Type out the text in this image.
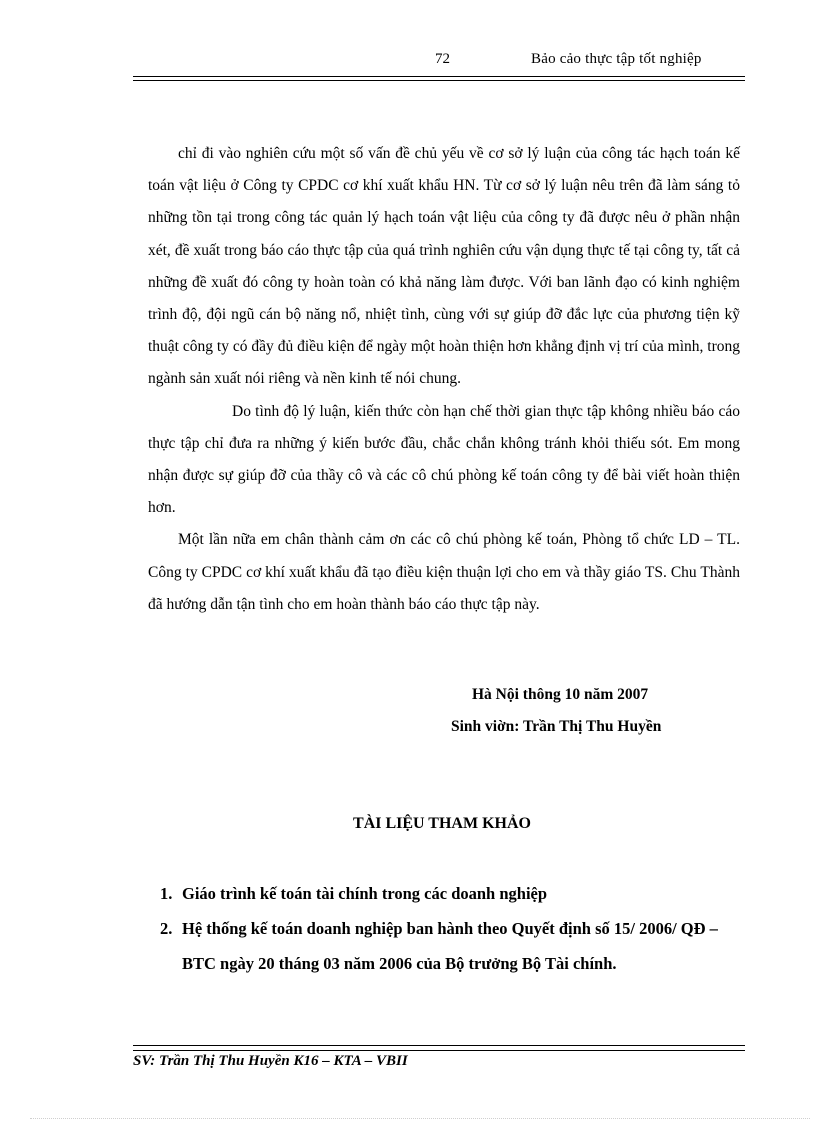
72	Bảo cảo thực tập tốt nghiệp

chỉ đi vào nghiên cứu một số vấn đề chủ yếu về cơ sở lý luận của công tác hạch toán kế toán vật liệu ở Công ty CPDC cơ khí xuất khẩu HN. Từ cơ sở lý luận nêu trên đã làm sáng tỏ những tồn tại trong công tác quản lý hạch toán vật liệu của công ty đã được nêu ở phần nhận xét, đề xuất trong báo cáo thực tập của quá trình nghiên cứu vận dụng thực tế tại công ty, tất cả những đề xuất đó công ty hoàn toàn có khả năng làm được. Với ban lãnh đạo có kinh nghiệm trình độ, đội ngũ cán bộ năng nổ, nhiệt tình, cùng với sự giúp đỡ đắc lực của phương tiện kỹ thuật công ty có đầy đủ điều kiện để ngày một hoàn thiện hơn khẳng định vị trí của mình, trong ngành sản xuất nói riêng và nền kinh tế nói chung.

Do tình độ lý luận, kiến thức còn hạn chế thời gian thực tập không nhiều báo cáo thực tập chỉ đưa ra những ý kiến bước đầu, chắc chắn không tránh khỏi thiếu sót. Em mong nhận được sự giúp đỡ của thầy cô và các cô chú phòng kế toán công ty để bài viết hoàn thiện hơn.

Một lần nữa em chân thành cảm ơn các cô chú phòng kế toán, Phòng tổ chức LD – TL. Công ty CPDC cơ khí xuất khẩu đã tạo điều kiện thuận lợi cho em và thầy giáo TS. Chu Thành đã hướng dẫn tận tình cho em hoàn thành báo cáo thực tập này.

Hà Nội thông 10 năm 2007
Sinh viờn: Trần Thị Thu Huyền
TÀI LIỆU THAM KHẢO
1. Giáo trình kế toán tài chính trong các doanh nghiệp
2. Hệ thống kế toán doanh nghiệp ban hành theo Quyết định số 15/ 2006/ QĐ – BTC ngày 20 tháng 03 năm 2006 của Bộ trưởng Bộ Tài chính.
SV: Trần Thị Thu Huyền K16 – KTA – VBII
